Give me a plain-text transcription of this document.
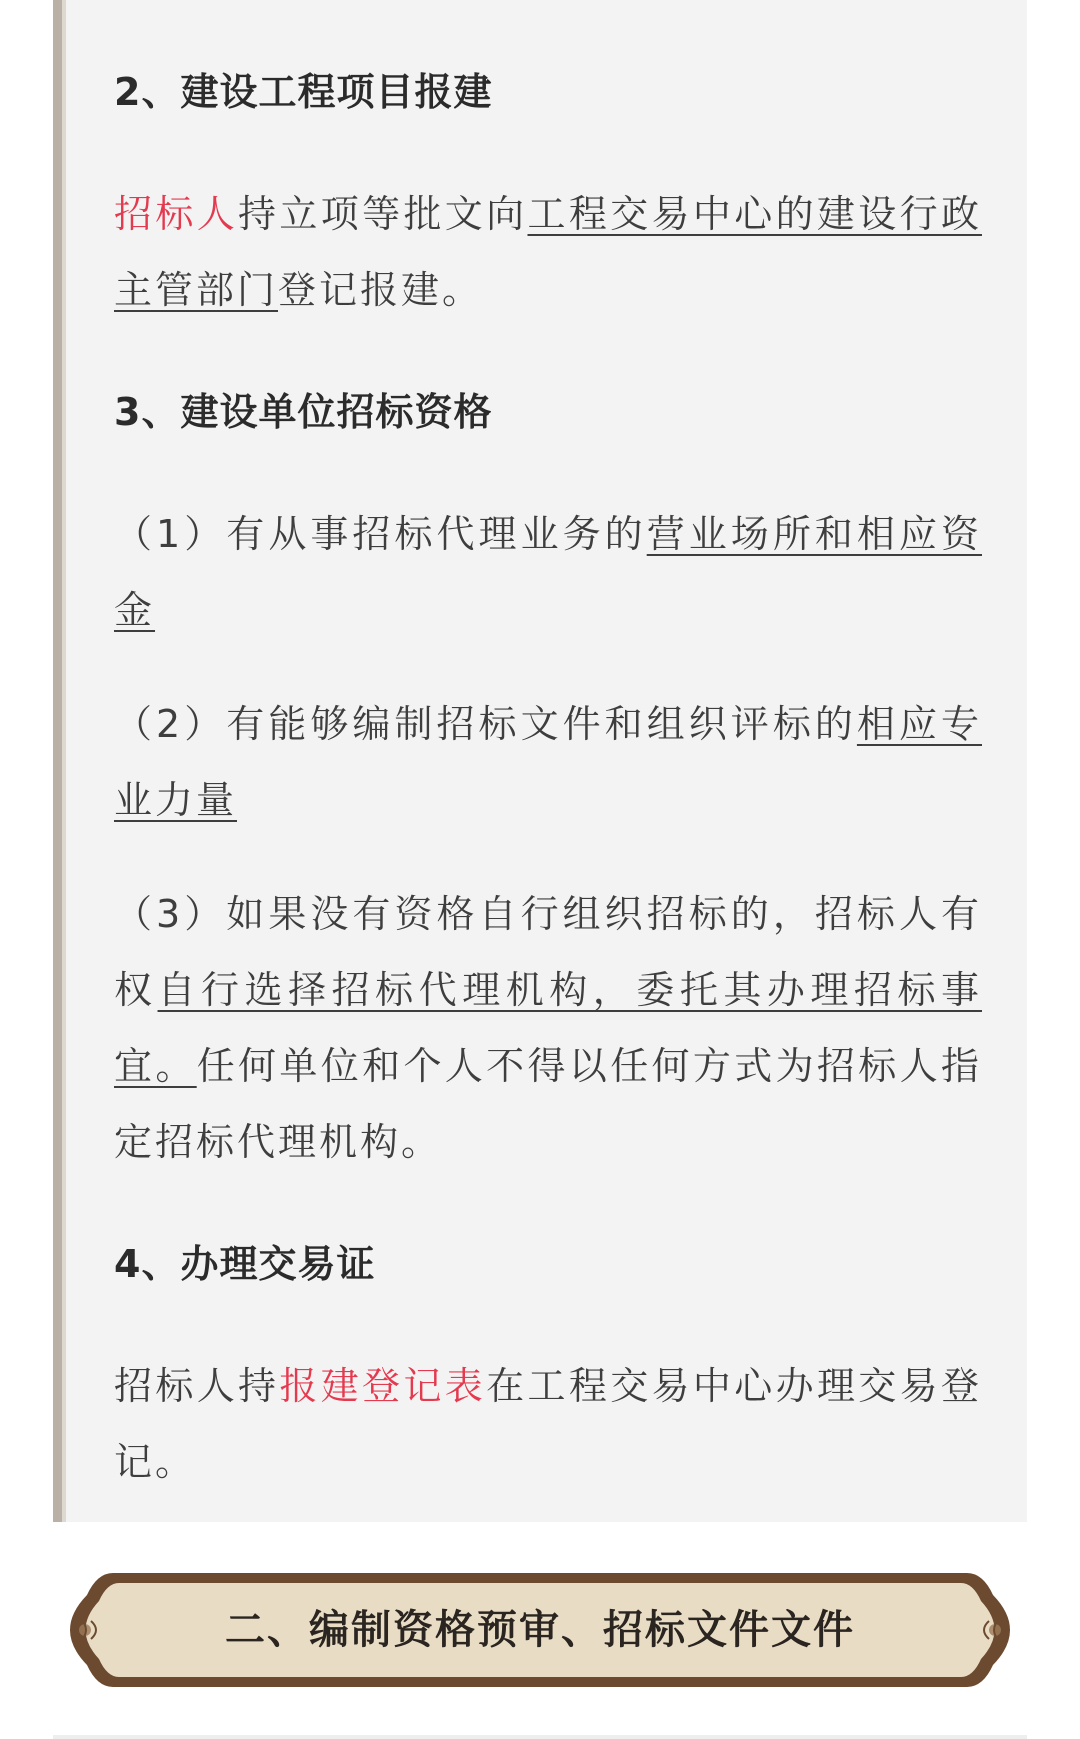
2、建设工程项目报建

招标人持立项等批文向工程交易中心的建设行政主管部门登记报建。

3、建设单位招标资格

（1）有从事招标代理业务的营业场所和相应资金

（2）有能够编制招标文件和组织评标的相应专业力量

（3）如果没有资格自行组织招标的，招标人有权自行选择招标代理机构，委托其办理招标事宜。任何单位和个人不得以任何方式为招标人指定招标代理机构。

4、办理交易证

招标人持报建登记表在工程交易中心办理交易登记。

二、编制资格预审、招标文件文件
